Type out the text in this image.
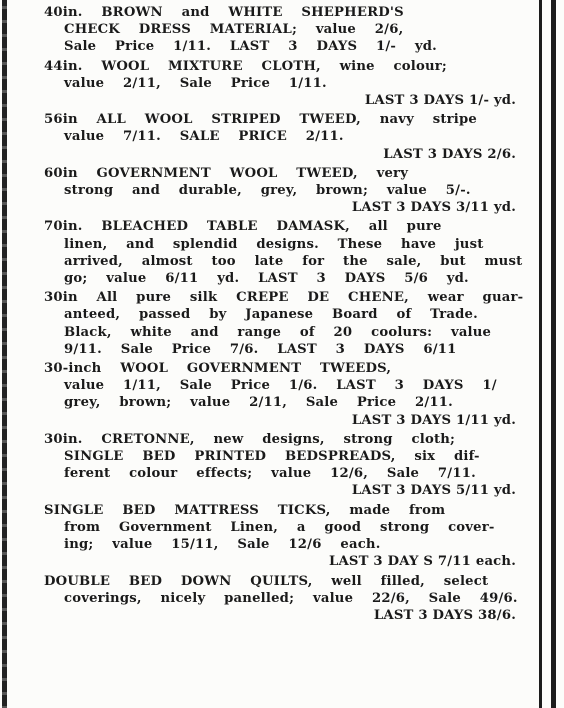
40in. BROWN and WHITE SHEPHERD'S
CHECK DRESS MATERIAL; value 2/6,
Sale Price 1/11. LAST 3 DAYS 1/- yd.
44in. WOOL MIXTURE CLOTH, wine colour;
value 2/11, Sale Price 1/11.
LAST 3 DAYS 1/- yd.
56in ALL WOOL STRIPED TWEED, navy stripe
value 7/11. SALE PRICE 2/11.
LAST 3 DAYS 2/6.
60in GOVERNMENT WOOL TWEED, very
strong and durable, grey, brown; value 5/-.
LAST 3 DAYS 3/11 yd.
70in. BLEACHED TABLE DAMASK, all pure
linen, and splendid designs. These have just
arrived, almost too late for the sale, but must
go; value 6/11 yd. LAST 3 DAYS 5/6 yd.
30in All pure silk CREPE DE CHENE, wear guar-
anteed, passed by Japanese Board of Trade.
Black, white and range of 20 coolurs: value
9/11. Sale Price 7/6. LAST 3 DAYS 6/11
30-inch WOOL GOVERNMENT TWEEDS,
value 1/11, Sale Price 1/6. LAST 3 DAYS 1/
grey, brown; value 2/11, Sale Price 2/11.
LAST 3 DAYS 1/11 yd.
30in. CRETONNE, new designs, strong cloth;
SINGLE BED PRINTED BEDSPREADS, six dif-
ferent colour effects; value 12/6, Sale 7/11.
LAST 3 DAYS 5/11 yd.
SINGLE BED MATTRESS TICKS, made from
from Government Linen, a good strong cover-
ing; value 15/11, Sale 12/6 each.
LAST 3 DAY S 7/11 each.
DOUBLE BED DOWN QUILTS, well filled, select
coverings, nicely panelled; value 22/6, Sale 49/6.
LAST 3 DAYS 38/6.
